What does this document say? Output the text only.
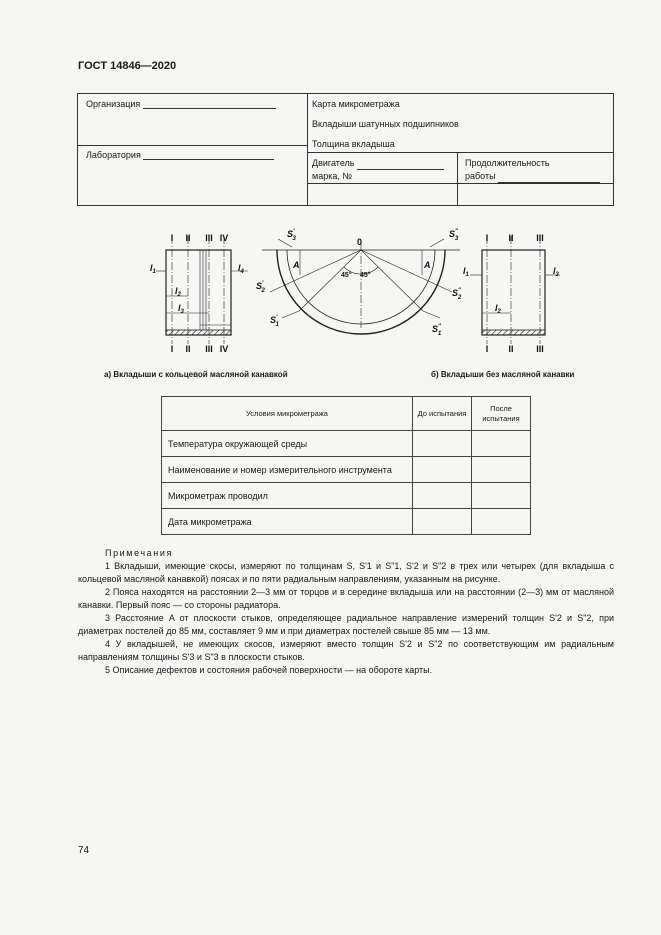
ГОСТ 14846—2020
Организация
Лаборатория
Карта микрометража
Вкладыши шатунных подшипников
Толщина вкладыша
Двигатель
марка, №
Продолжительность
работы
I II III IV
I II III IV
$l_1$	$l_4$
$l_2$
$l_3$
0
45° 45°
A	A
S' 3	S" 3
S' 2	S" 2
S' 1	S" 1
I II	III
I II	III
$l_1$	$l_3$
$l_2$
а) Вкладыши с кольцевой масляной канавкой	б) Вкладыши без масляной канавки
Условия микрометража	До испытания	После испытания
Температура окружающей среды		
Наименование и номер измерительного инструмента		
Микрометраж проводил		
Дата микрометража		

Примечания

1 Вкладыши, имеющие скосы, измеряют по толщинам S, S'1 и S"1, S'2 и S"2 в трех или четырех (для вкладыша с кольцевой масляной канавкой) поясах и по пяти радиальным направлениям, указанным на рисунке.

2 Пояса находятся на расстоянии 2—3 мм от торцов и в середине вкладыша или на расстоянии (2—3) мм от масляной канавки. Первый пояс — со стороны радиатора.

3 Расстояние A от плоскости стыков, определяющее радиальное направление измерений толщин S'2 и S"2, при диаметрах постелей до 85 мм, составляет 9 мм и при диаметрах постелей свыше 85 мм — 13 мм.

4 У вкладышей, не имеющих скосов, измеряют вместо толщин S'2 и S"2 по соответствующим им радиальным направлениям толщины S'3 и S"3 в плоскости стыков.

5 Описание дефектов и состояния рабочей поверхности — на обороте карты.

74
